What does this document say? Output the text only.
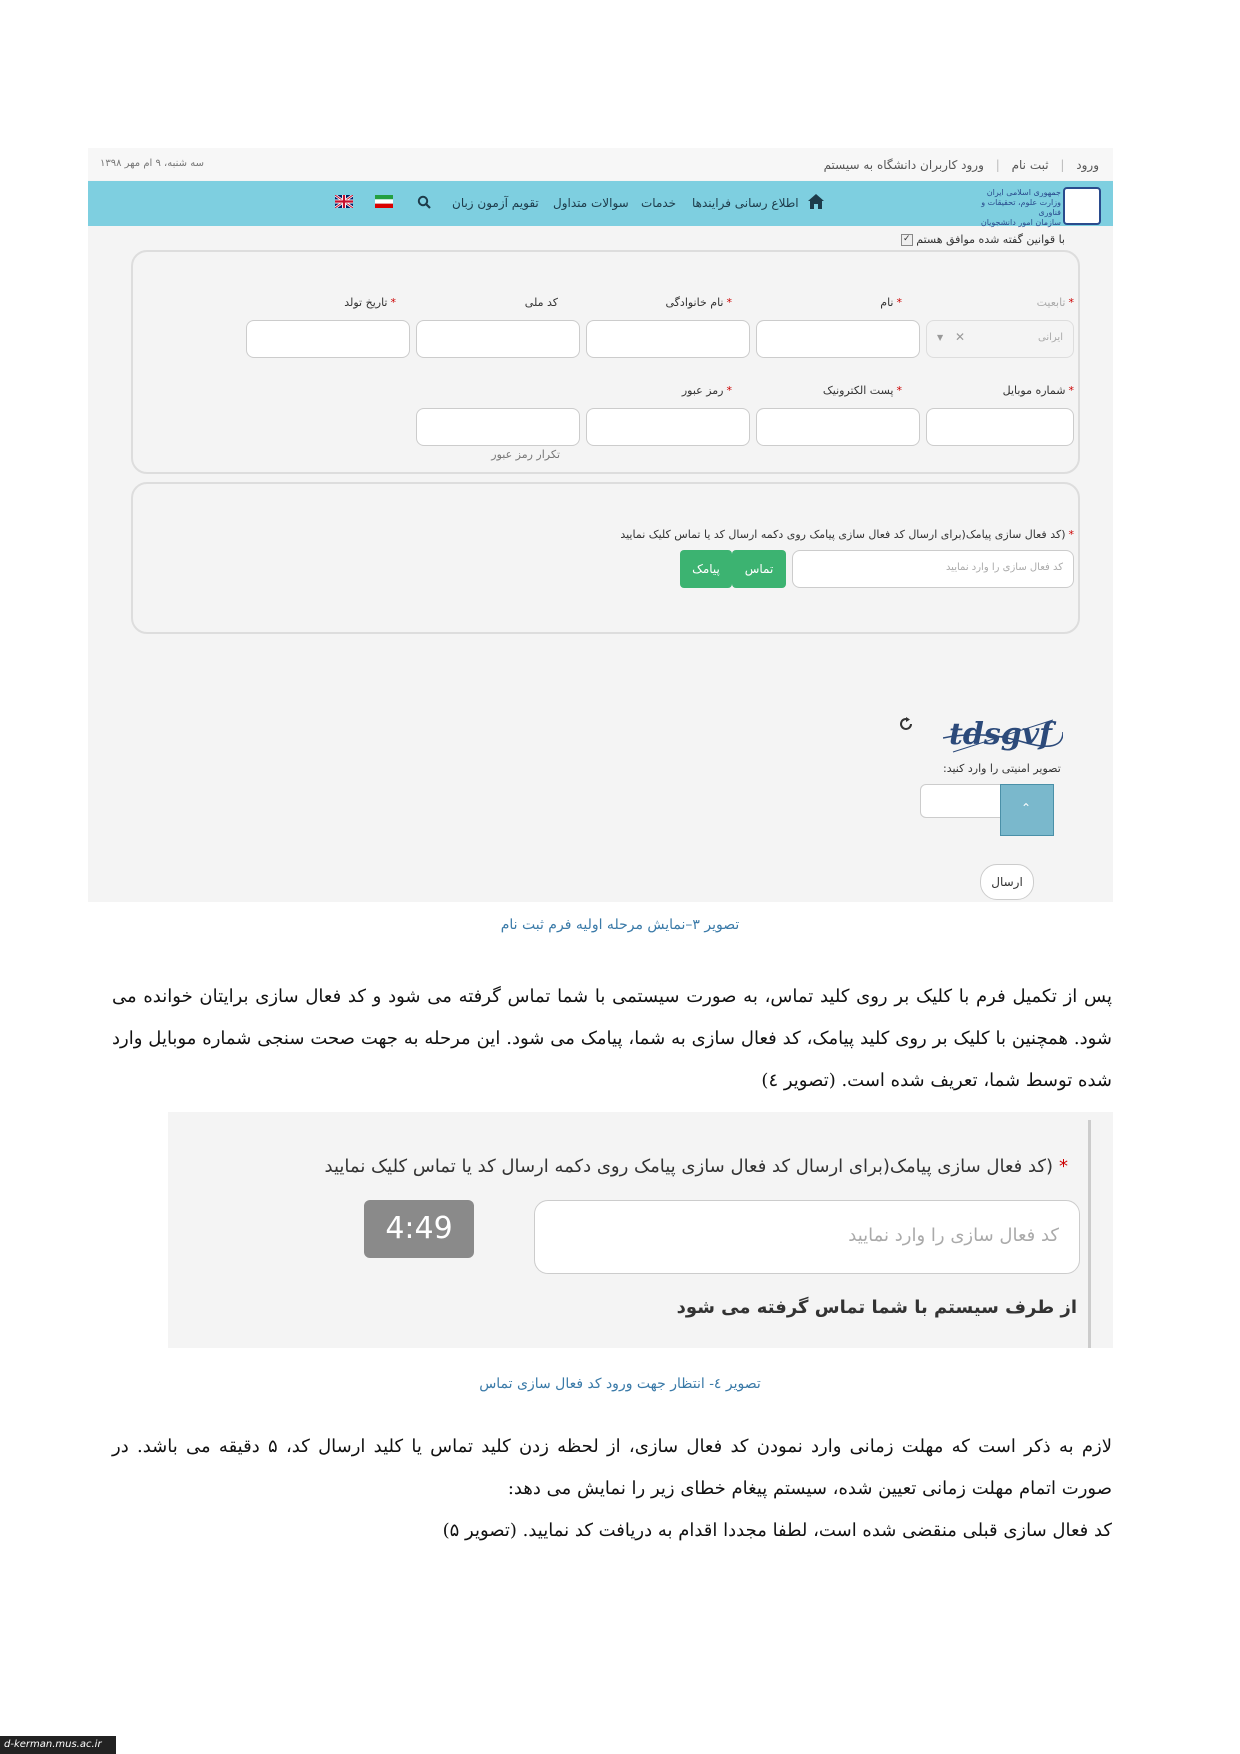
ورود | ثبت نام | ورود کاربران دانشگاه به سیستم
سه شنبه، ۹ ام مهر ۱۳۹۸
جمهوری اسلامی ایران
وزارت علوم، تحقیقات و فناوری
سازمان امور دانشجویان
اطلاع رسانی فرایندها
خدمات
سوالات متداول
تقویم آزمون زبان
با قوانین گفته شده موافق هستم ✓
*تابعیت
*نام
*نام خانوادگی
کد ملی
*تاریخ تولد
ایرانی
✕
▼
*شماره موبایل
*پست الکترونیک
*رمز عبور
تکرار رمز عبور
*(کد فعال سازی پیامک(برای ارسال کد فعال سازی پیامک روی دکمه ارسال کد یا تماس کلیک نمایید
کد فعال سازی را وارد نمایید
تماس
پیامک
tdsgvf
تصویر امنیتی را وارد کنید:
⌃
ارسال
تصویر ۳–نمایش مرحله اولیه فرم ثبت نام
پس از تکمیل فرم با کلیک بر روی کلید تماس، به صورت سیستمی با شما تماس گرفته می شود و کد فعال سازی برایتان خوانده می شود. همچنین با کلیک بر روی کلید پیامک، کد فعال سازی به شما، پیامک می شود. این مرحله به جهت صحت سنجی شماره موبایل وارد شده توسط شما، تعریف شده است. (تصویر ٤)
*(کد فعال سازی پیامک(برای ارسال کد فعال سازی پیامک روی دکمه ارسال کد یا تماس کلیک نمایید
کد فعال سازی را وارد نمایید
4:49
از طرف سیستم با شما تماس گرفته می شود
تصویر ٤- انتظار جهت ورود کد فعال سازی تماس
لازم به ذکر است که مهلت زمانی وارد نمودن کد فعال سازی، از لحظه زدن کلید تماس یا کلید ارسال کد، ۵ دقیقه می باشد. در
صورت اتمام مهلت زمانی تعیین شده، سیستم پیغام خطای زیر را نمایش می دهد:
کد فعال سازی قبلی منقضی شده است، لطفا مجددا اقدام به دریافت کد نمایید. (تصویر ۵)
d-kerman.mus.ac.ir
